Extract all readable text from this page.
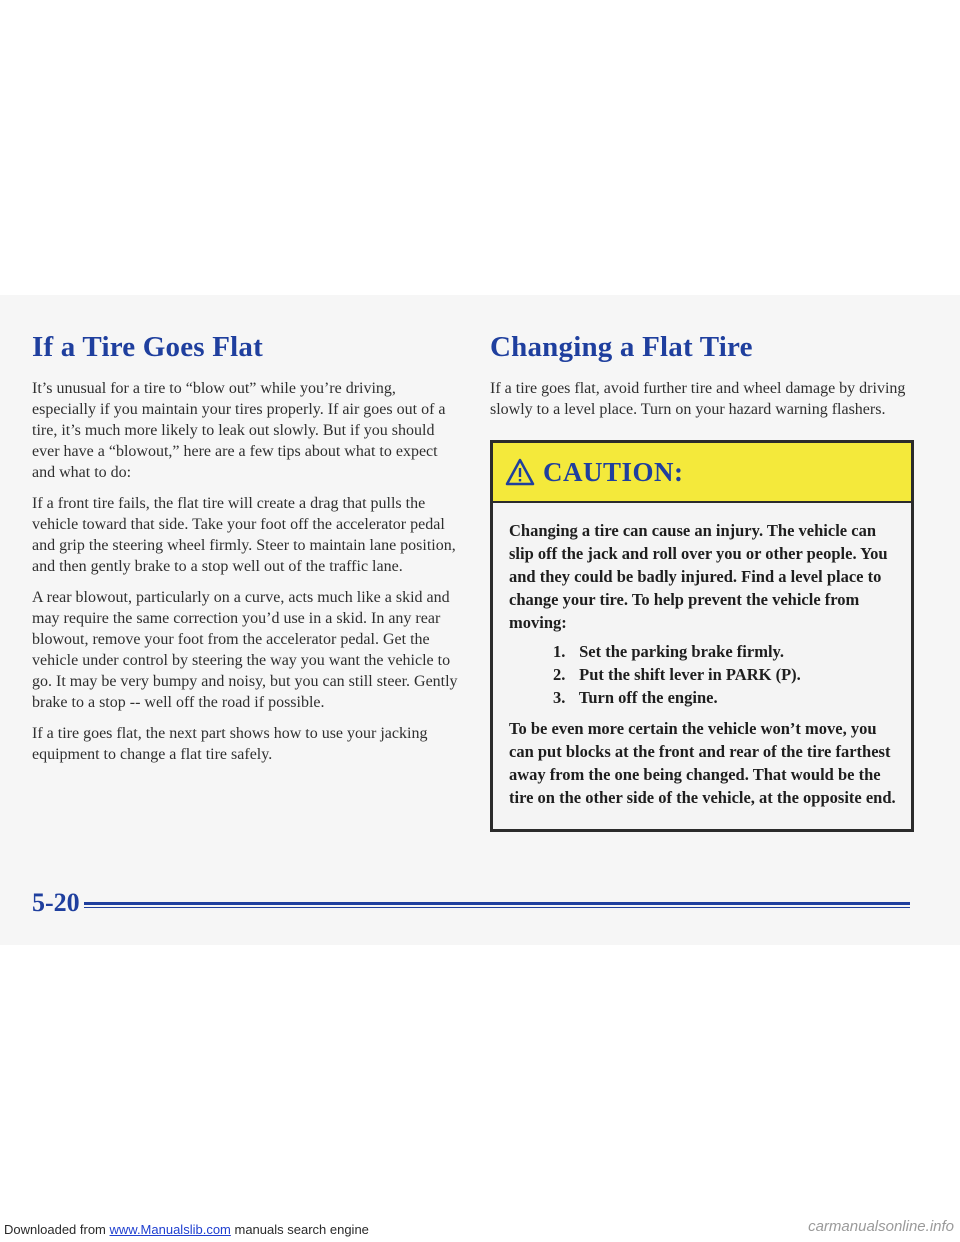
If a Tire Goes Flat

It’s unusual for a tire to “blow out” while you’re driving, especially if you maintain your tires properly. If air goes out of a tire, it’s much more likely to leak out slowly. But if you should ever have a “blowout,” here are a few tips about what to expect and what to do:

If a front tire fails, the flat tire will create a drag that pulls the vehicle toward that side. Take your foot off the accelerator pedal and grip the steering wheel firmly. Steer to maintain lane position, and then gently brake to a stop well out of the traffic lane.

A rear blowout, particularly on a curve, acts much like a skid and may require the same correction you’d use in a skid. In any rear blowout, remove your foot from the accelerator pedal. Get the vehicle under control by steering the way you want the vehicle to go. It may be very bumpy and noisy, but you can still steer. Gently brake to a stop -- well off the road if possible.

If a tire goes flat, the next part shows how to use your jacking equipment to change a flat tire safely.

Changing a Flat Tire

If a tire goes flat, avoid further tire and wheel damage by driving slowly to a level place. Turn on your hazard warning flashers.

CAUTION:

Changing a tire can cause an injury. The vehicle can slip off the jack and roll over you or other people. You and they could be badly injured. Find a level place to change your tire. To help prevent the vehicle from moving:

1. Set the parking brake firmly.
2. Put the shift lever in PARK (P).
3. Turn off the engine.

To be even more certain the vehicle won’t move, you can put blocks at the front and rear of the tire farthest away from the one being changed. That would be the tire on the other side of the vehicle, at the opposite end.

5-20
Downloaded from www.Manualslib.com manuals search engine	carmanualsonline.info
